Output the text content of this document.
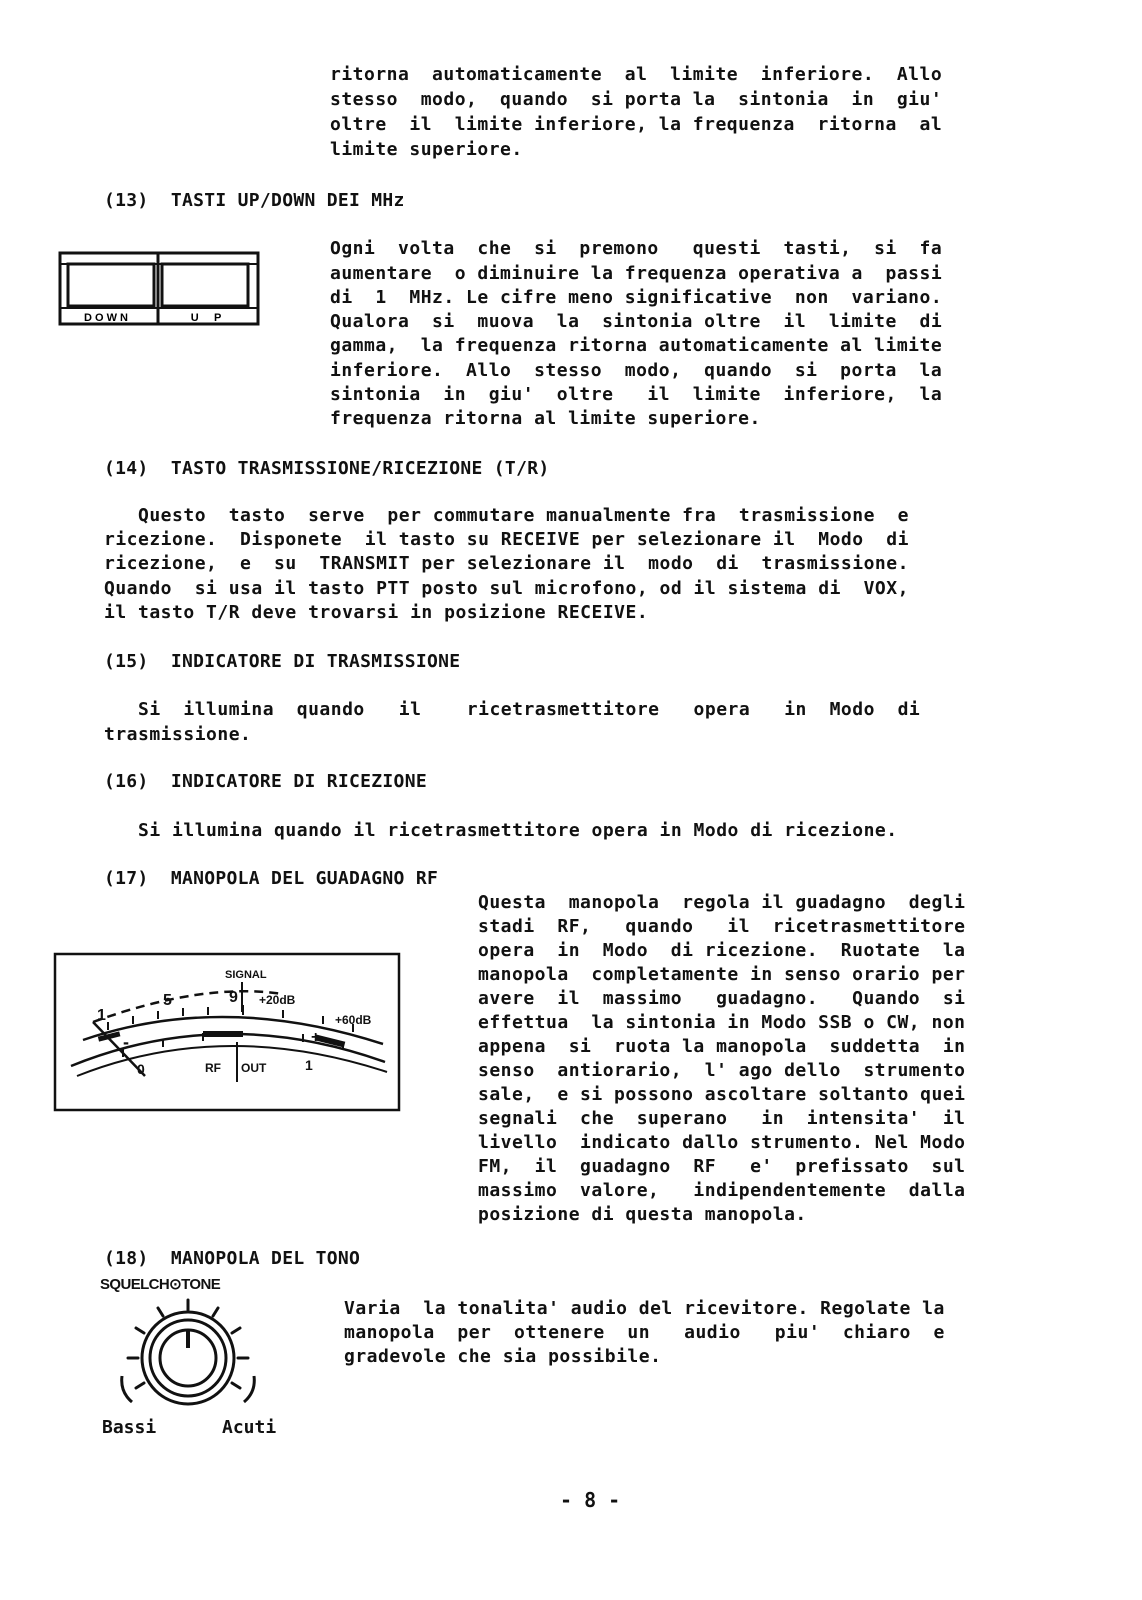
ritorna  automaticamente  al  limite  inferiore.  Allo
stesso  modo,  quando  si porta la  sintonia  in  giu'
oltre  il  limite inferiore, la frequenza  ritorna  al
limite superiore.
(13)  TASTI UP/DOWN DEI MHz
D O W N	U     P
Ogni  volta  che  si  premono   questi  tasti,  si  fa
aumentare  o diminuire la frequenza operativa a  passi
di  1  MHz. Le cifre meno significative  non  variano.
Qualora  si  muova  la  sintonia oltre  il  limite  di
gamma,  la frequenza ritorna automaticamente al limite
inferiore.  Allo  stesso  modo,  quando  si  porta  la
sintonia  in  giu'  oltre   il  limite  inferiore,  la
frequenza ritorna al limite superiore.
(14)  TASTO TRASMISSIONE/RICEZIONE (T/R)
Questo  tasto  serve  per commutare manualmente fra  trasmissione  e
ricezione.  Disponete  il tasto su RECEIVE per selezionare il  Modo  di
ricezione,  e  su  TRANSMIT per selezionare il  modo  di  trasmissione.
Quando  si usa il tasto PTT posto sul microfono, od il sistema di  VOX,
il tasto T/R deve trovarsi in posizione RECEIVE.
(15)  INDICATORE DI TRASMISSIONE
Si  illumina  quando   il    ricetrasmettitore   opera   in  Modo  di
trasmissione.
(16)  INDICATORE DI RICEZIONE
Si illumina quando il ricetrasmettitore opera in Modo di ricezione.
(17)  MANOPOLA DEL GUADAGNO RF
Questa  manopola  regola il guadagno  degli
stadi  RF,   quando   il  ricetrasmettitore
opera  in  Modo  di ricezione.  Ruotate  la
manopola  completamente in senso orario per
avere  il  massimo   guadagno.   Quando  si
effettua  la sintonia in Modo SSB o CW, non
appena  si  ruota la manopola  suddetta  in
senso  antiorario,  l' ago dello  strumento
sale,  e si possono ascoltare soltanto quei
segnali  che  superano   in  intensita'  il
livello  indicato dallo strumento. Nel Modo
FM,  il  guadagno  RF   e'  prefissato  sul
massimo  valore,   indipendentemente  dalla
posizione di questa manopola.
SIGNAL
1
5	9 +20dB
+60dB
-	+
RF OUT
0	1
(18)  MANOPOLA DEL TONO
SQUELCH⊙TONE
Bassi	Acuti
Varia  la tonalita' audio del ricevitore. Regolate la
manopola  per  ottenere  un   audio   piu'  chiaro  e
gradevole che sia possibile.
- 8 -
